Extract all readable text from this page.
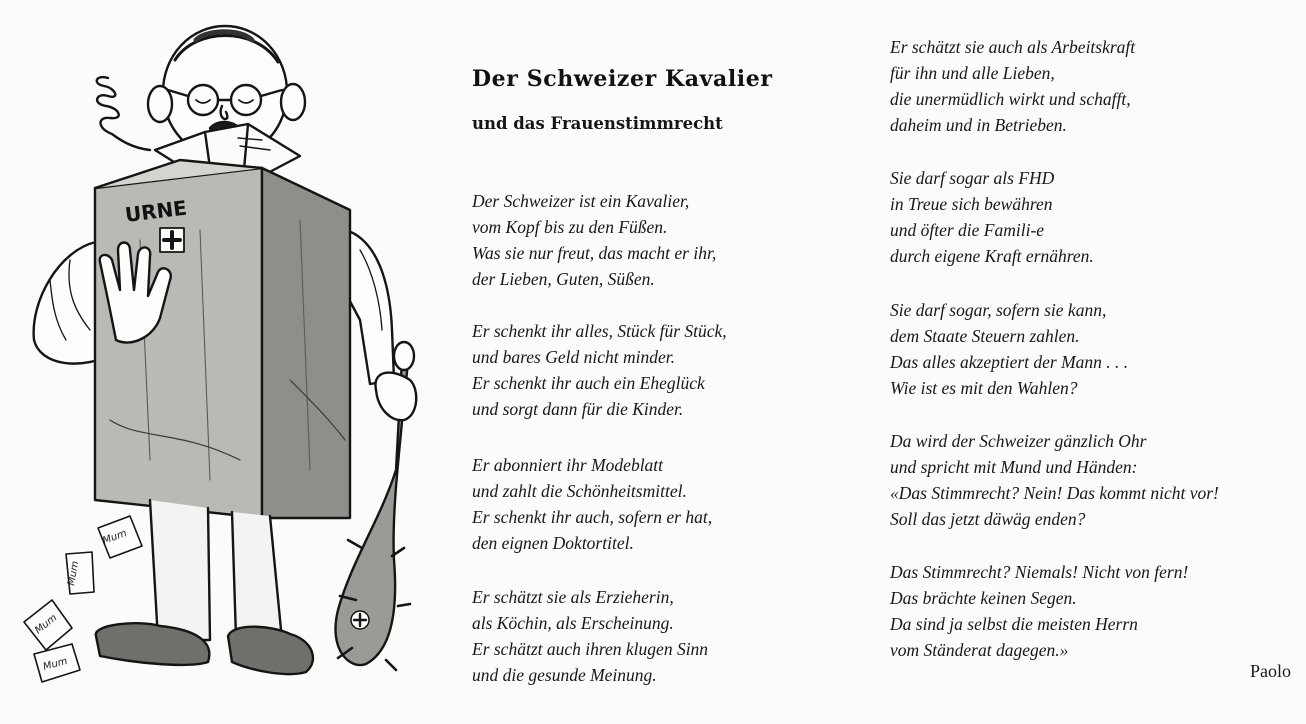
URNE
Mum
Mum
Mum
Mum
Der Schweizer Kavalier
und das Frauenstimmrecht

Der Schweizer ist ein Kavalier,
vom Kopf bis zu den Füßen.
Was sie nur freut, das macht er ihr,
der Lieben, Guten, Süßen.

Er schenkt ihr alles, Stück für Stück,
und bares Geld nicht minder.
Er schenkt ihr auch ein Eheglück
und sorgt dann für die Kinder.

Er abonniert ihr Modeblatt
und zahlt die Schönheitsmittel.
Er schenkt ihr auch, sofern er hat,
den eignen Doktortitel.

Er schätzt sie als Erzieherin,
als Köchin, als Erscheinung.
Er schätzt auch ihren klugen Sinn
und die gesunde Meinung.

Er schätzt sie auch als Arbeitskraft
für ihn und alle Lieben,
die unermüdlich wirkt und schafft,
daheim und in Betrieben.

Sie darf sogar als FHD
in Treue sich bewähren
und öfter die Famili-e
durch eigene Kraft ernähren.

Sie darf sogar, sofern sie kann,
dem Staate Steuern zahlen.
Das alles akzeptiert der Mann . . .
Wie ist es mit den Wahlen?

Da wird der Schweizer gänzlich Ohr
und spricht mit Mund und Händen:
«Das Stimmrecht? Nein! Das kommt nicht vor!
Soll das jetzt däwäg enden?

Das Stimmrecht? Niemals! Nicht von fern!
Das brächte keinen Segen.
Da sind ja selbst die meisten Herrn
vom Ständerat dagegen.»

Paolo
